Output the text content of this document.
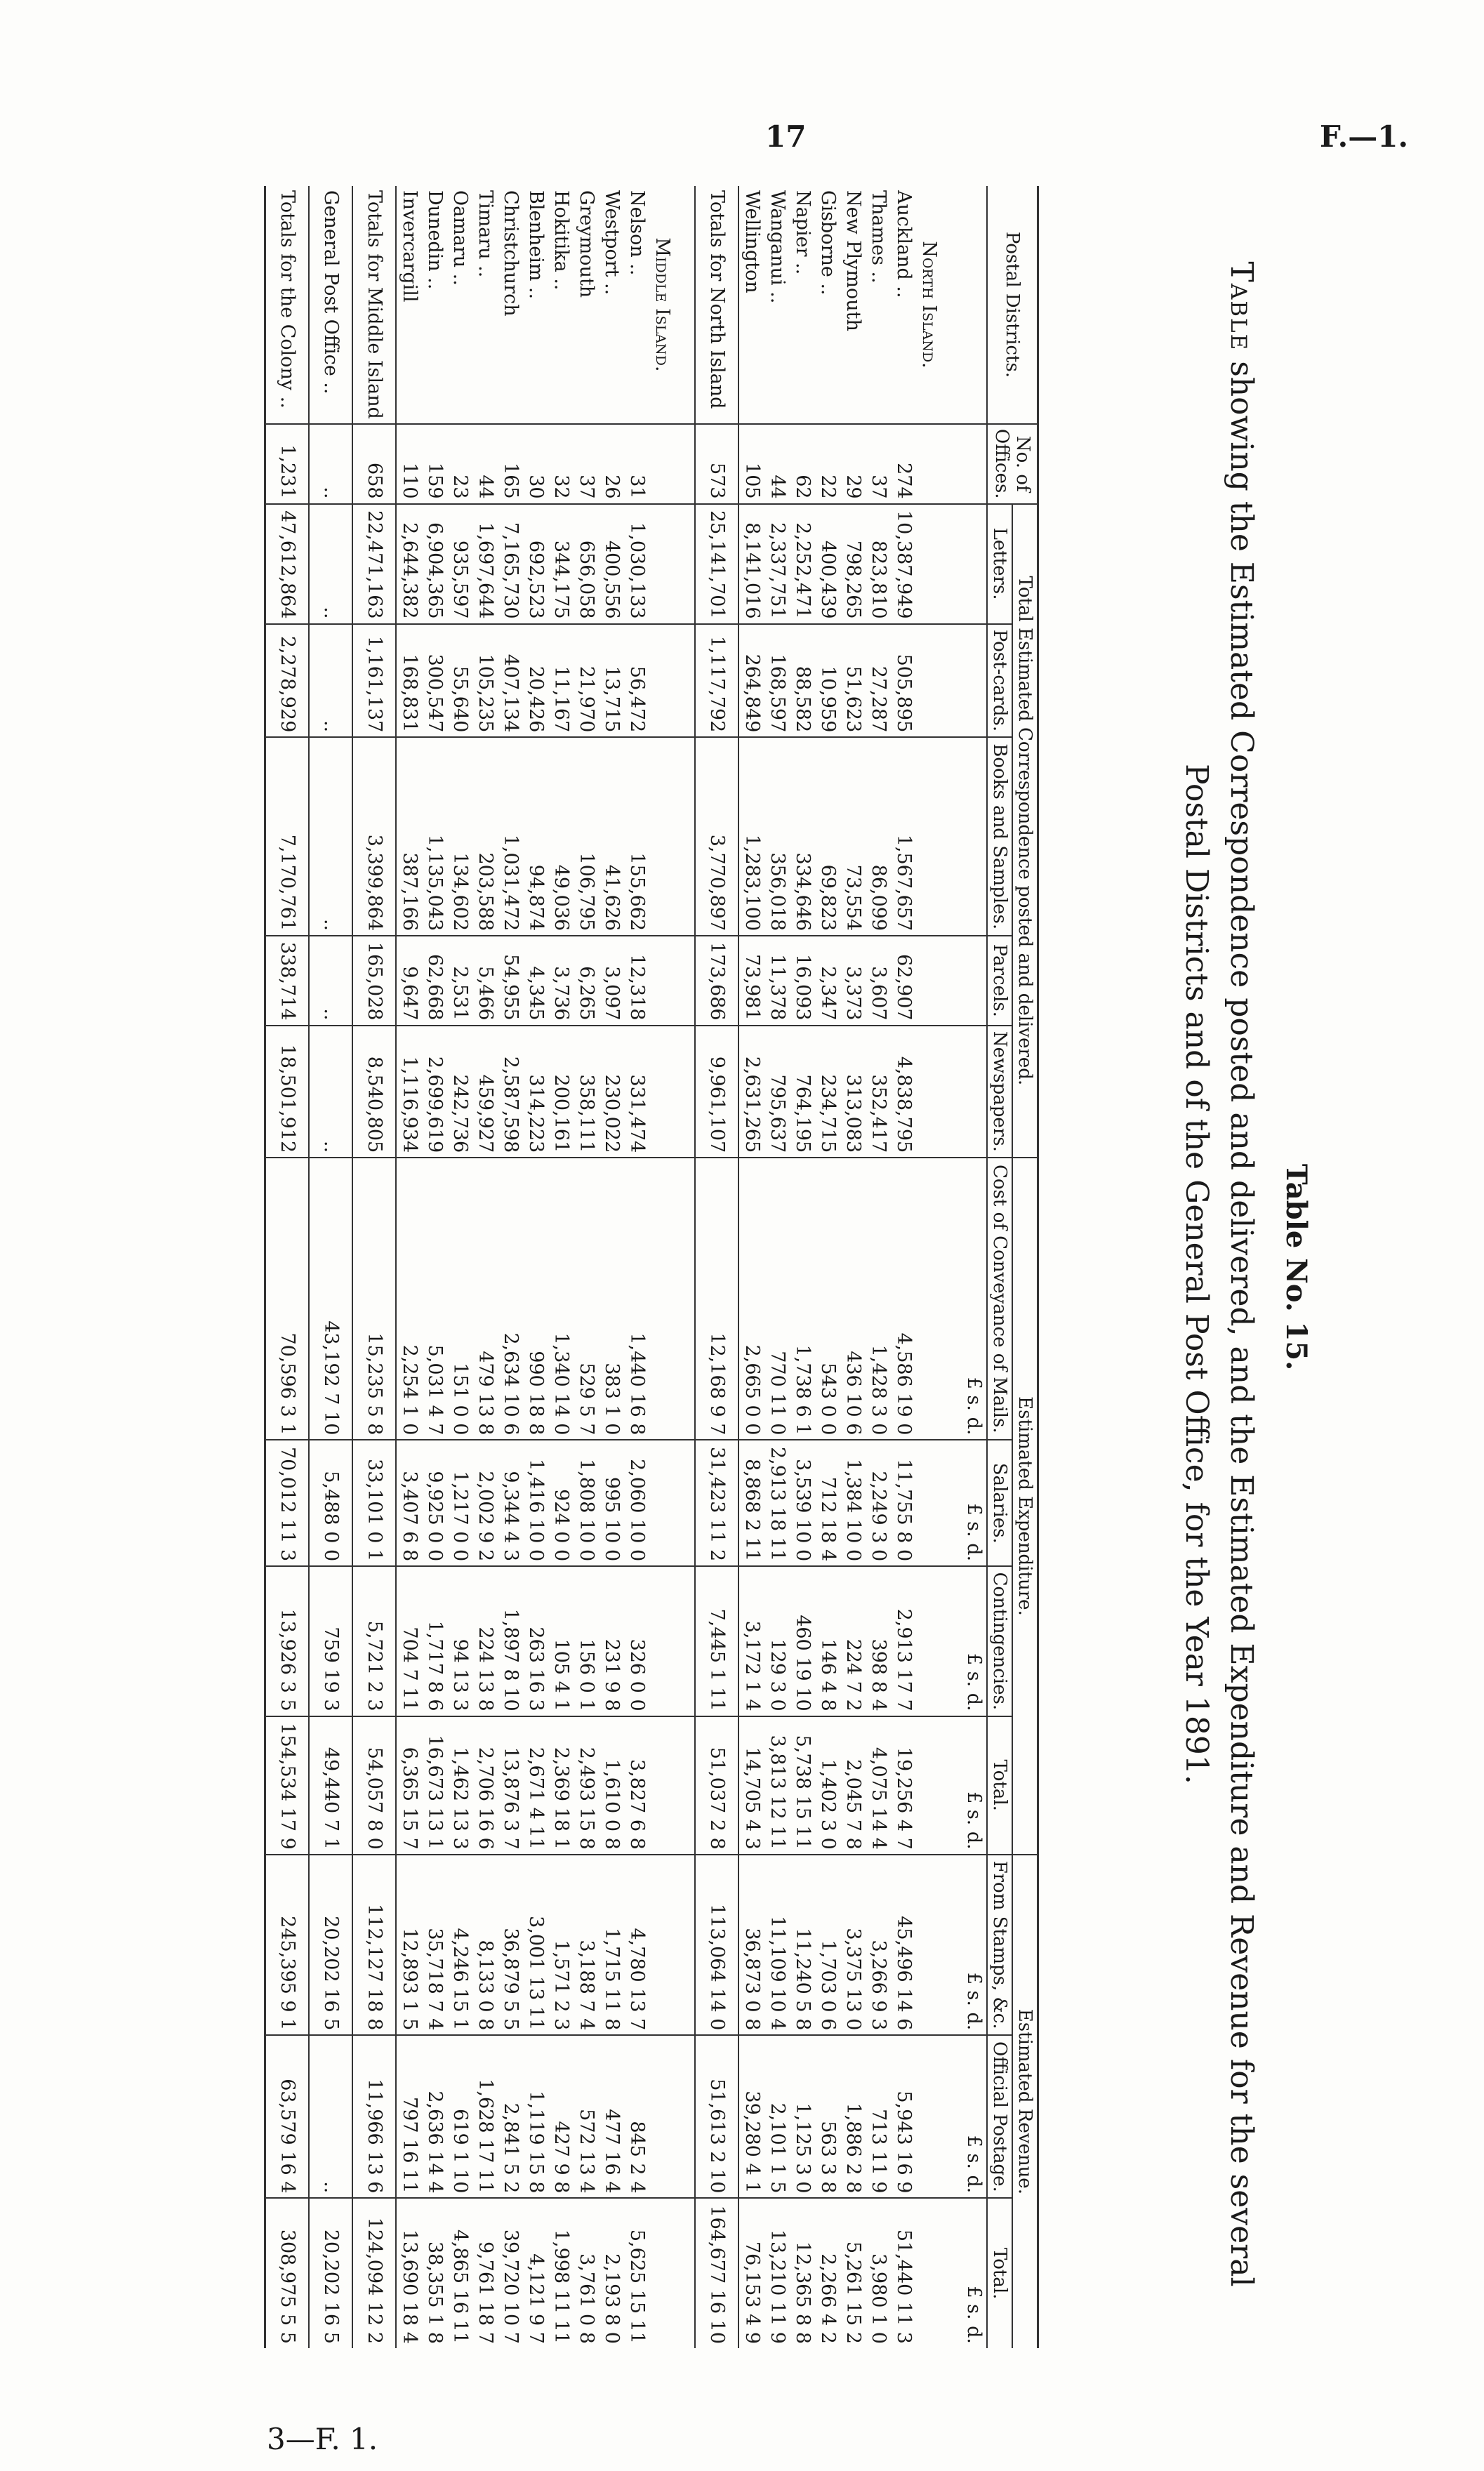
17	F.—1.
3—F. 1.
Table No. 15.
Table showing the Estimated Correspondence posted and delivered, and the Estimated Expenditure and Revenue for the several Postal Districts and of the General Post Office, for the Year 1891.
Postal Districts.	No. of Offices.	Total Estimated Correspondence posted and delivered.					Estimated Expenditure.				Estimated Revenue.		
		Letters.	Post-cards.	Books and Samples.	Parcels.	Newspapers.	Cost of Conveyance of Mails.	Salaries.	Contingencies.	Total.	From Stamps, &c.	Official Postage.	Total.
							£ s. d.	£ s. d.	£ s. d.	£ s. d.	£ s. d.	£ s. d.	£ s. d.
North Island.													
Auckland ..	274	10,387,949	505,895	1,567,657	62,907	4,838,795	4,586 19 0	11,755 8 0	2,913 17 7	19,256 4 7	45,496 14 6	5,943 16 9	51,440 11 3
Thames ..	37	823,810	27,287	86,099	3,607	352,417	1,428 3 0	2,249 3 0	398 8 4	4,075 14 4	3,266 9 3	713 11 9	3,980 1 0
New Plymouth	29	798,265	51,623	73,554	3,373	313,083	436 10 6	1,384 10 0	224 7 2	2,045 7 8	3,375 13 0	1,886 2 8	5,261 15 2
Gisborne ..	22	400,439	10,959	69,823	2,347	234,715	543 0 0	712 18 4	146 4 8	1,402 3 0	1,703 0 6	563 3 8	2,266 4 2
Napier ..	62	2,252,471	88,582	334,646	16,093	764,195	1,738 6 1	3,539 10 0	460 19 10	5,738 15 11	11,240 5 8	1,125 3 0	12,365 8 8
Wanganui ..	44	2,337,751	168,597	356,018	11,378	795,637	770 11 0	2,913 18 11	129 3 0	3,813 12 11	11,109 10 4	2,101 1 5	13,210 11 9
Wellington	105	8,141,016	264,849	1,283,100	73,981	2,631,265	2,665 0 0	8,868 2 11	3,172 1 4	14,705 4 3	36,873 0 8	39,280 4 1	76,153 4 9
Totals for North Island	573	25,141,701	1,117,792	3,770,897	173,686	9,961,107	12,168 9 7	31,423 11 2	7,445 1 11	51,037 2 8	113,064 14 0	51,613 2 10	164,677 16 10
Middle Island.													
Nelson ..	31	1,030,133	56,472	155,662	12,318	331,474	1,440 16 8	2,060 10 0	326 0 0	3,827 6 8	4,780 13 7	845 2 4	5,625 15 11
Westport ..	26	400,556	13,715	41,626	3,097	230,022	383 1 0	995 10 0	231 9 8	1,610 0 8	1,715 11 8	477 16 4	2,193 8 0
Greymouth	37	656,058	21,970	106,795	6,265	358,111	529 5 7	1,808 10 0	156 0 1	2,493 15 8	3,188 7 4	572 13 4	3,761 0 8
Hokitika ..	32	344,175	11,167	49,036	3,736	200,161	1,340 14 0	924 0 0	105 4 1	2,369 18 1	1,571 2 3	427 9 8	1,998 11 11
Blenheim ..	30	692,523	20,426	94,874	4,345	314,223	990 18 8	1,416 10 0	263 16 3	2,671 4 11	3,001 13 11	1,119 15 8	4,121 9 7
Christchurch	165	7,165,730	407,134	1,031,472	54,955	2,587,598	2,634 10 6	9,344 4 3	1,897 8 10	13,876 3 7	36,879 5 5	2,841 5 2	39,720 10 7
Timaru ..	44	1,697,644	105,235	203,588	5,466	459,927	479 13 8	2,002 9 2	224 13 8	2,706 16 6	8,133 0 8	1,628 17 11	9,761 18 7
Oamaru ..	23	935,597	55,640	134,602	2,531	242,736	151 0 0	1,217 0 0	94 13 3	1,462 13 3	4,246 15 1	619 1 10	4,865 16 11
Dunedin ..	159	6,904,365	300,547	1,135,043	62,668	2,699,619	5,031 4 7	9,925 0 0	1,717 8 6	16,673 13 1	35,718 7 4	2,636 14 4	38,355 1 8
Invercargill	110	2,644,382	168,831	387,166	9,647	1,116,934	2,254 1 0	3,407 6 8	704 7 11	6,365 15 7	12,893 1 5	797 16 11	13,690 18 4
Totals for Middle Island	658	22,471,163	1,161,137	3,399,864	165,028	8,540,805	15,235 5 8	33,101 0 1	5,721 2 3	54,057 8 0	112,127 18 8	11,966 13 6	124,094 12 2
General Post Office ..	..	..	..	..	..	..	43,192 7 10	5,488 0 0	759 19 3	49,440 7 1	20,202 16 5	..	20,202 16 5
Totals for the Colony ..	1,231	47,612,864	2,278,929	7,170,761	338,714	18,501,912	70,596 3 1	70,012 11 3	13,926 3 5	154,534 17 9	245,395 9 1	63,579 16 4	308,975 5 5
